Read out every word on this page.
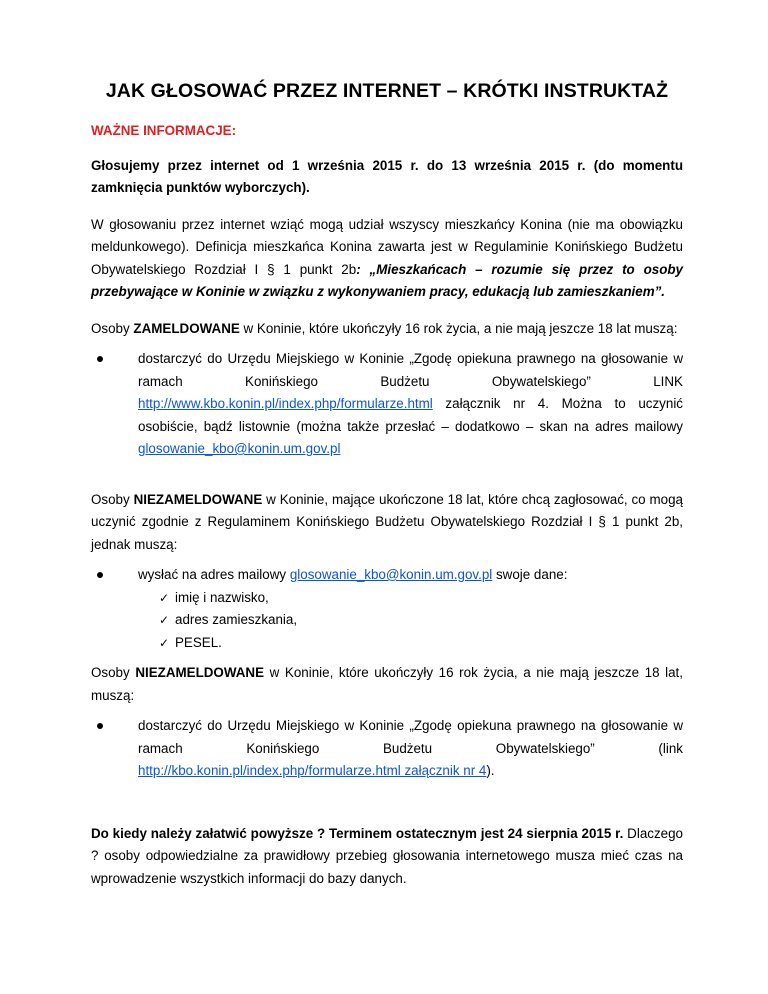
JAK GŁOSOWAĆ PRZEZ INTERNET – KRÓTKI INSTRUKTAŻ
WAŻNE INFORMACJE:

Głosujemy przez internet od 1 września 2015 r. do 13 września 2015 r. (do momentu zamknięcia punktów wyborczych).

W głosowaniu przez internet wziąć mogą udział wszyscy mieszkańcy Konina (nie ma obowiązku meldunkowego). Definicja mieszkańca Konina zawarta jest w Regulaminie Konińskiego Budżetu Obywatelskiego Rozdział I § 1 punkt 2b: „Mieszkańcach – rozumie się przez to osoby przebywające w Koninie w związku z wykonywaniem pracy, edukacją lub zamieszkaniem”.

Osoby ZAMELDOWANE w Koninie, które ukończyły 16 rok życia, a nie mają jeszcze 18 lat muszą:

dostarczyć do Urzędu Miejskiego w Koninie „Zgodę opiekuna prawnego na głosowanie w ramach Konińskiego Budżetu Obywatelskiego” LINK http://www.kbo.konin.pl/index.php/formularze.html załącznik nr 4. Można to uczynić osobiście, bądź listownie (można także przesłać – dodatkowo – skan na adres mailowy glosowanie_kbo@konin.um.gov.pl

Osoby NIEZAMELDOWANE w Koninie, mające ukończone 18 lat, które chcą zagłosować, co mogą uczynić zgodnie z Regulaminem Konińskiego Budżetu Obywatelskiego Rozdział I § 1 punkt 2b, jednak muszą:

wysłać na adres mailowy glosowanie_kbo@konin.um.gov.pl swoje dane:
✓ imię i nazwisko,
✓ adres zamieszkania,
✓ PESEL.

Osoby NIEZAMELDOWANE w Koninie, które ukończyły 16 rok życia, a nie mają jeszcze 18 lat, muszą:

dostarczyć do Urzędu Miejskiego w Koninie „Zgodę opiekuna prawnego na głosowanie w ramach Konińskiego Budżetu Obywatelskiego” (link http://kbo.konin.pl/index.php/formularze.html załącznik nr 4).

Do kiedy należy załatwić powyższe ? Terminem ostatecznym jest 24 sierpnia 2015 r. Dlaczego ? osoby odpowiedzialne za prawidłowy przebieg głosowania internetowego musza mieć czas na wprowadzenie wszystkich informacji do bazy danych.
